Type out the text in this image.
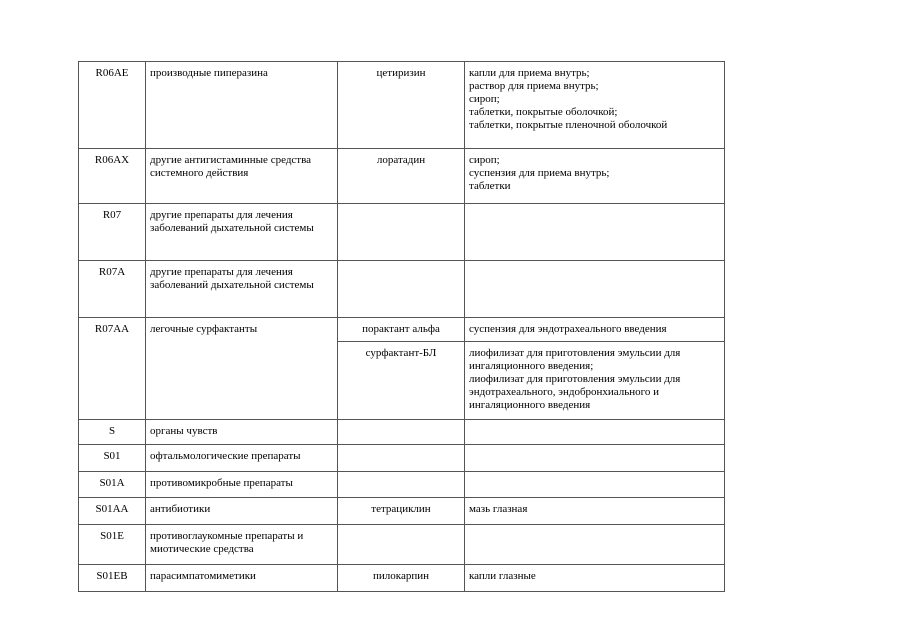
R06AE	производные пиперазина	цетиризин	капли для приема внутрь;
раствор для приема внутрь;
сироп;
таблетки, покрытые оболочкой;
таблетки, покрытые пленочной оболочкой

R06AX	другие антигистаминные средства системного действия	лоратадин	сироп;
суспензия для приема внутрь;
таблетки

R07	другие препараты для лечения заболеваний дыхательной системы		
R07A	другие препараты для лечения заболеваний дыхательной системы		
R07AA	легочные сурфактанты	порактант альфа	суспензия для эндотрахеального введения

		сурфактант-БЛ	лиофилизат для приготовления эмульсии для
ингаляционного введения;
лиофилизат для приготовления эмульсии для
эндотрахеального, эндобронхиального и
ингаляционного введения

S	органы чувств		
S01	офтальмологические препараты		
S01A	противомикробные препараты		
S01AA	антибиотики	тетрациклин	мазь глазная

S01E	противоглаукомные препараты и миотические средства		
S01EB	парасимпатомиметики	пилокарпин	капли глазные
